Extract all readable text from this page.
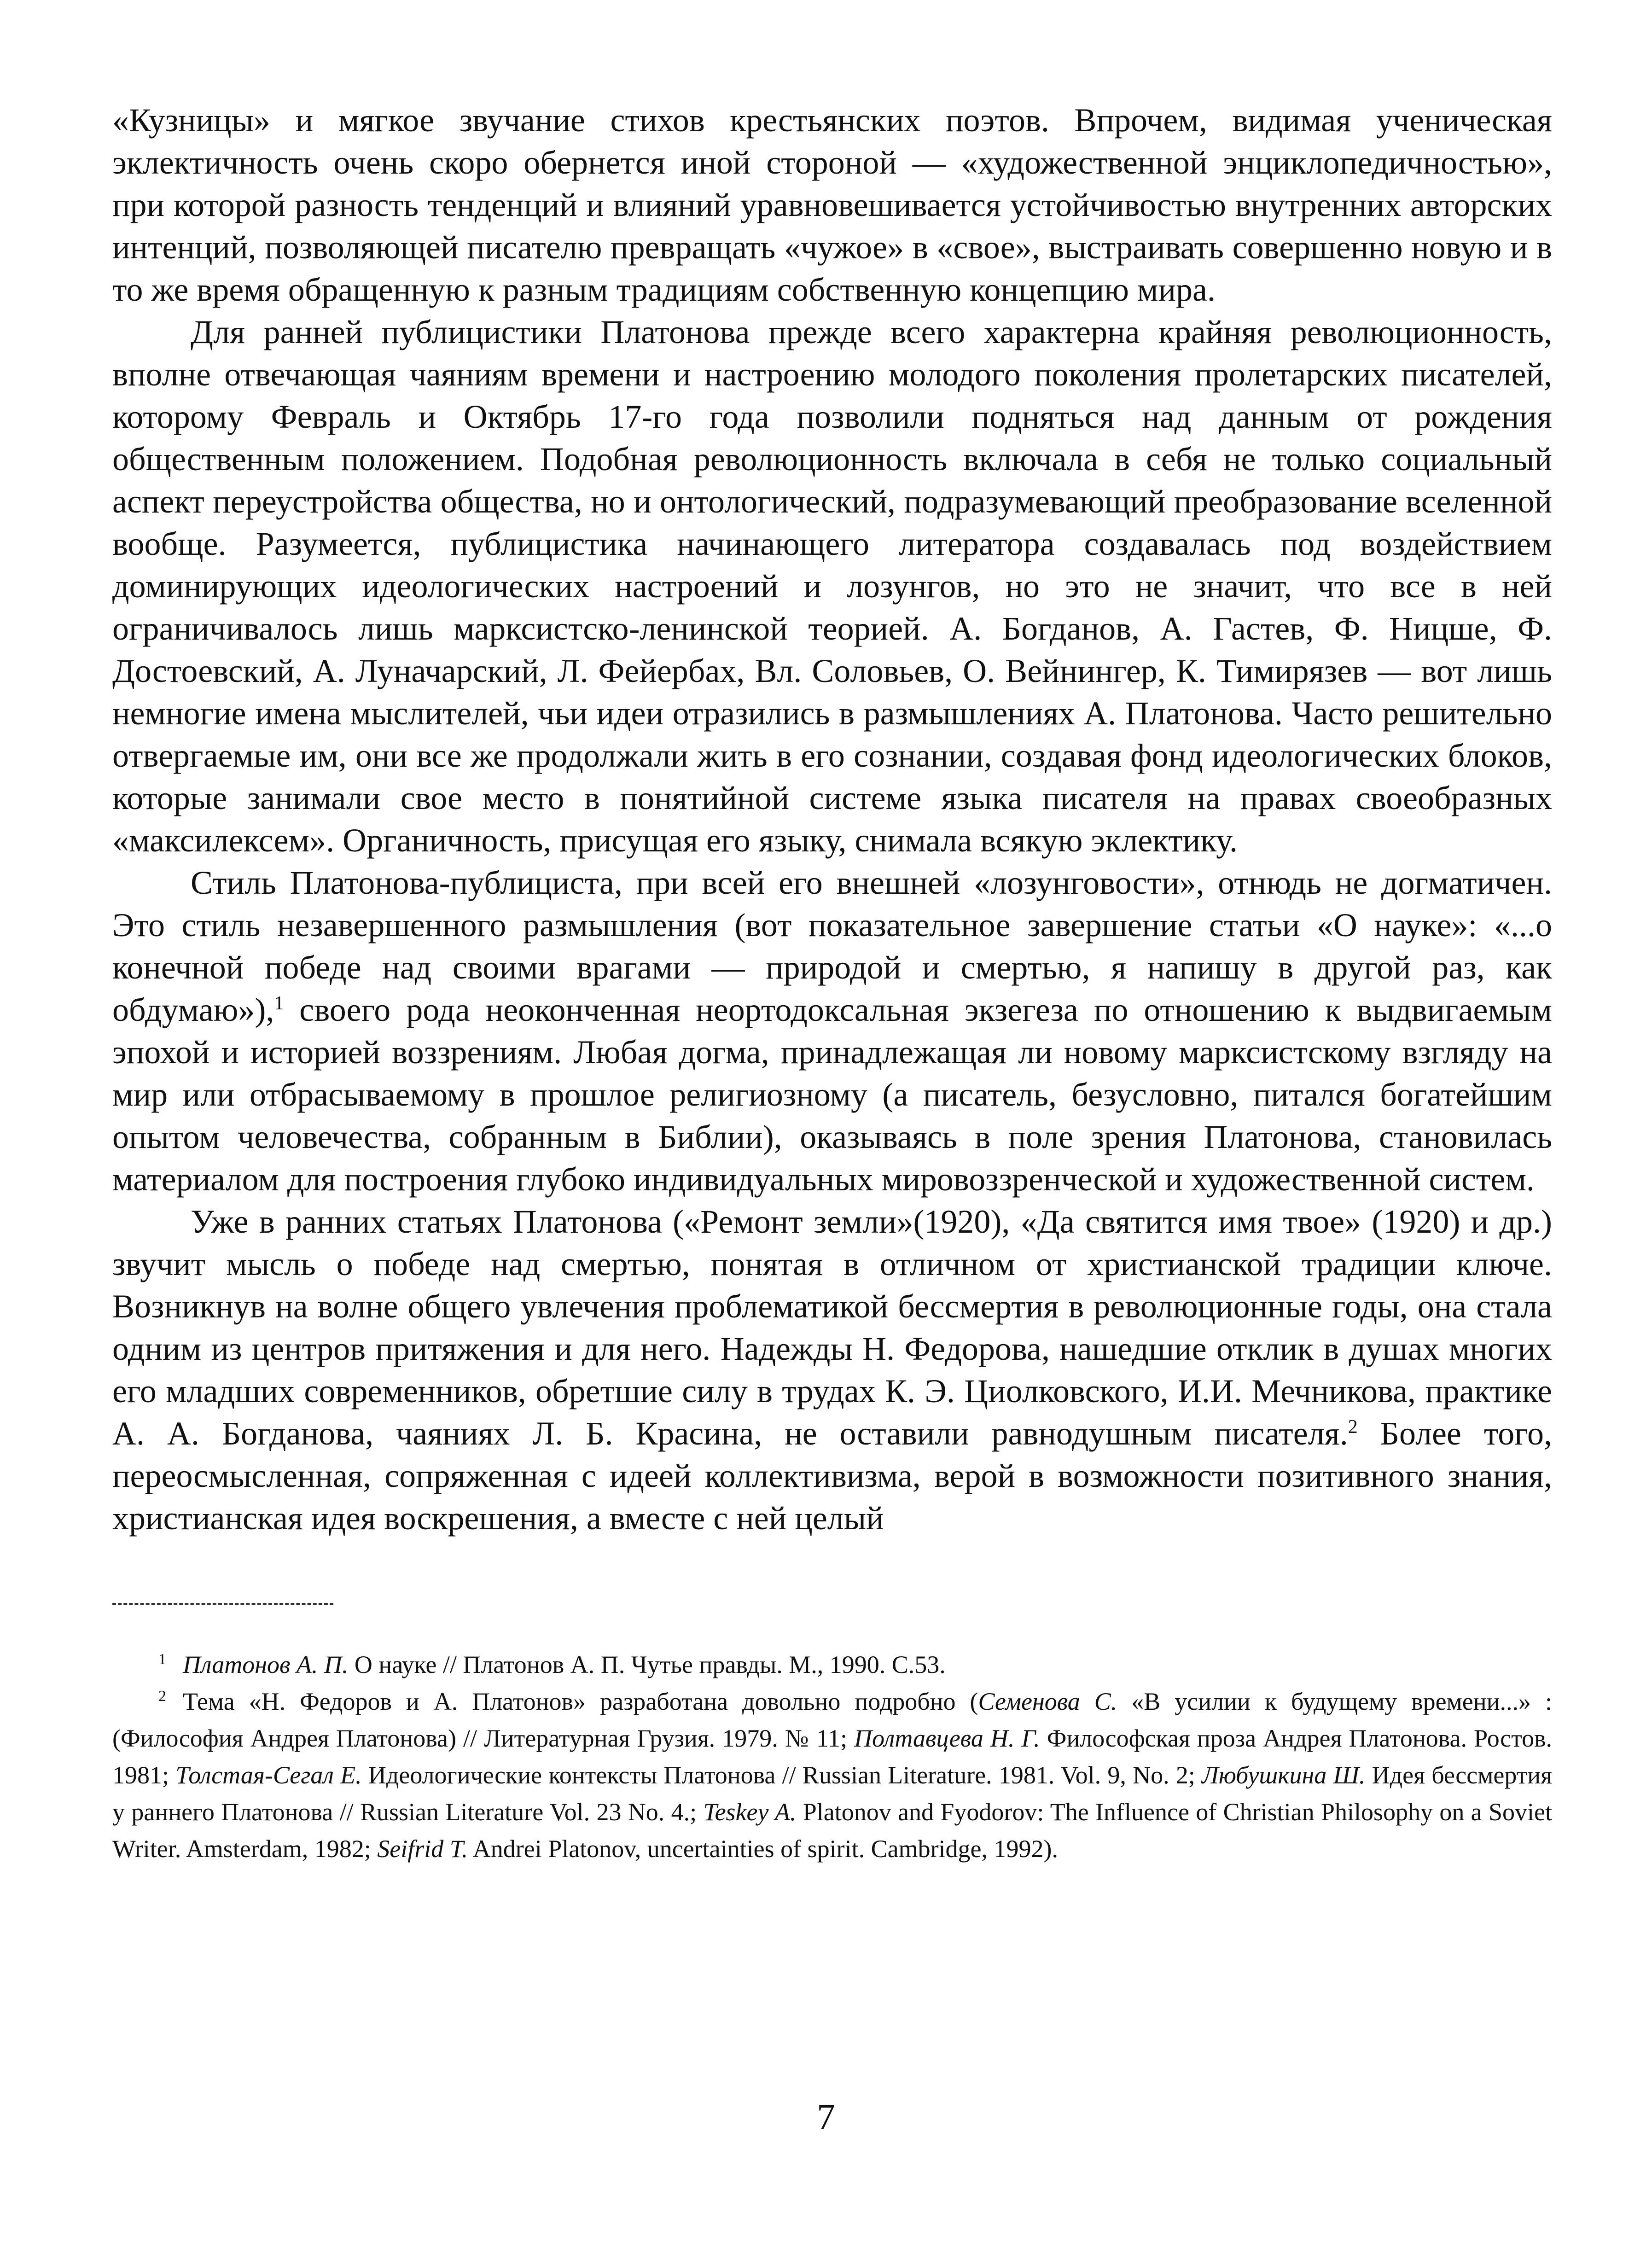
«Кузницы» и мягкое звучание стихов крестьянских поэтов. Впрочем, видимая ученическая эклектичность очень скоро обернется иной стороной — «художественной энциклопедичностью», при которой разность тенденций и влияний уравновешивается устойчивостью внутренних авторских интенций, позволяющей писателю превращать «чужое» в «свое», выстраивать совершенно новую и в то же время обращенную к разным традициям собственную концепцию мира.

Для ранней публицистики Платонова прежде всего характерна крайняя революционность, вполне отвечающая чаяниям времени и настроению молодого поколения пролетарских писателей, которому Февраль и Октябрь 17-го года позволили подняться над данным от рождения общественным положением. Подобная революционность включала в себя не только социальный аспект переустройства общества, но и онтологический, подразумевающий преобразование вселенной вообще. Разумеется, публицистика начинающего литератора создавалась под воздействием доминирующих идеологических настроений и лозунгов, но это не значит, что все в ней ограничивалось лишь марксистско-ленинской теорией. А. Богданов, А. Гастев, Ф. Ницше, Ф. Достоевский, А. Луначарский, Л. Фейербах, Вл. Соловьев, О. Вейнингер, К. Тимирязев — вот лишь немногие имена мыслителей, чьи идеи отразились в размышлениях А. Платонова. Часто решительно отвергаемые им, они все же продолжали жить в его сознании, создавая фонд идеологических блоков, которые занимали свое место в понятийной системе языка писателя на правах своеобразных «максилексем». Органичность, присущая его языку, снимала всякую эклектику.

Стиль Платонова-публициста, при всей его внешней «лозунговости», отнюдь не догматичен. Это стиль незавершенного размышления (вот показательное завершение статьи «О науке»: «...о конечной победе над своими врагами — природой и смертью, я напишу в другой раз, как обдумаю»),$^1$ своего рода неоконченная неортодоксальная экзегеза по отношению к выдвигаемым эпохой и историей воззрениям. Любая догма, принадлежащая ли новому марксистскому взгляду на мир или отбрасываемому в прошлое религиозному (а писатель, безусловно, питался богатейшим опытом человечества, собранным в Библии), оказываясь в поле зрения Платонова, становилась материалом для построения глубоко индивидуальных мировоззренческой и художественной систем.

Уже в ранних статьях Платонова («Ремонт земли»(1920), «Да святится имя твое» (1920) и др.) звучит мысль о победе над смертью, понятая в отличном от христианской традиции ключе. Возникнув на волне общего увлечения проблематикой бессмертия в революционные годы, она стала одним из центров притяжения и для него. Надежды Н. Федорова, нашедшие отклик в душах многих его младших современников, обретшие силу в трудах К. Э. Циолковского, И.И. Мечникова, практике А. А. Богданова, чаяниях Л. Б. Красина, не оставили равнодушным писателя.$^2$ Более того, переосмысленная, сопряженная с идеей коллективизма, верой в возможности позитивного знания, христианская идея воскрешения, а вместе с ней целый

$^1$ Платонов А. П. О науке // Платонов А. П. Чутье правды. М., 1990. С.53.

$^2$ Тема «Н. Федоров и А. Платонов» разработана довольно подробно (Семенова С. «В усилии к будущему времени...» : (Философия Андрея Платонова) // Литературная Грузия. 1979. № 11; Полтавцева Н. Г. Философская проза Андрея Платонова. Ростов. 1981; Толстая-Сегал Е. Идеологические контексты Платонова // Russian Literature. 1981. Vol. 9, No. 2; Любушкина Ш. Идея бессмертия у раннего Платонова // Russian Literature Vol. 23 No. 4.; Teskey A. Platonov and Fyodorov: The Influence of Christian Philosophy on a Soviet Writer. Amsterdam, 1982; Seifrid T. Andrei Platonov, uncertainties of spirit. Cambridge, 1992).

7
